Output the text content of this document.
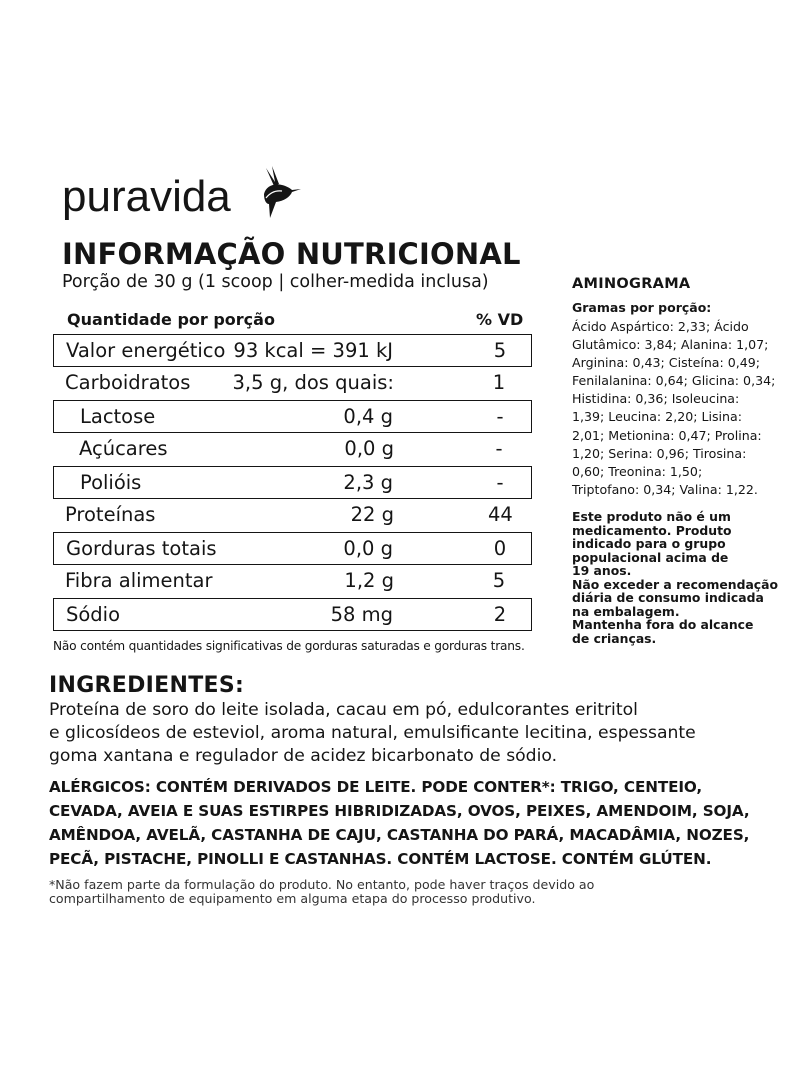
puravida
INFORMAÇÃO NUTRICIONAL
Porção de 30 g (1 scoop | colher-medida inclusa)
Quantidade por porção	% VD
Valor energético 93 kcal = 391 kJ	5
Carboidratos 3,5 g, dos quais:	1
Lactose	0,4 g	-
Açúcares	0,0 g	-
Polióis	2,3 g	-
Proteínas	22 g	44
Gorduras totais	0,0 g	0
Fibra alimentar	1,2 g	5
Sódio	58 mg	2
Não contém quantidades significativas de gorduras saturadas e gorduras trans.
AMINOGRAMA
Gramas por porção:
Ácido Aspártico: 2,33; Ácido
Glutâmico: 3,84; Alanina: 1,07;
Arginina: 0,43; Cisteína: 0,49;
Fenilalanina: 0,64; Glicina: 0,34;
Histidina: 0,36; Isoleucina:
1,39; Leucina: 2,20; Lisina:
2,01; Metionina: 0,47; Prolina:
1,20; Serina: 0,96; Tirosina:
0,60; Treonina: 1,50;
Triptofano: 0,34; Valina: 1,22.
Este produto não é um
medicamento. Produto
indicado para o grupo
populacional acima de
19 anos.
Não exceder a recomendação
diária de consumo indicada
na embalagem.
Mantenha fora do alcance
de crianças.
INGREDIENTES:
Proteína de soro do leite isolada, cacau em pó, edulcorantes eritritol
e glicosídeos de esteviol, aroma natural, emulsificante lecitina, espessante
goma xantana e regulador de acidez bicarbonato de sódio.
ALÉRGICOS: CONTÉM DERIVADOS DE LEITE. PODE CONTER*: TRIGO, CENTEIO,
CEVADA, AVEIA E SUAS ESTIRPES HIBRIDIZADAS, OVOS, PEIXES, AMENDOIM, SOJA,
AMÊNDOA, AVELÃ, CASTANHA DE CAJU, CASTANHA DO PARÁ, MACADÂMIA, NOZES,
PECÃ, PISTACHE, PINOLLI E CASTANHAS. CONTÉM LACTOSE. CONTÉM GLÚTEN.
*Não fazem parte da formulação do produto. No entanto, pode haver traços devido ao
compartilhamento de equipamento em alguma etapa do processo produtivo.
